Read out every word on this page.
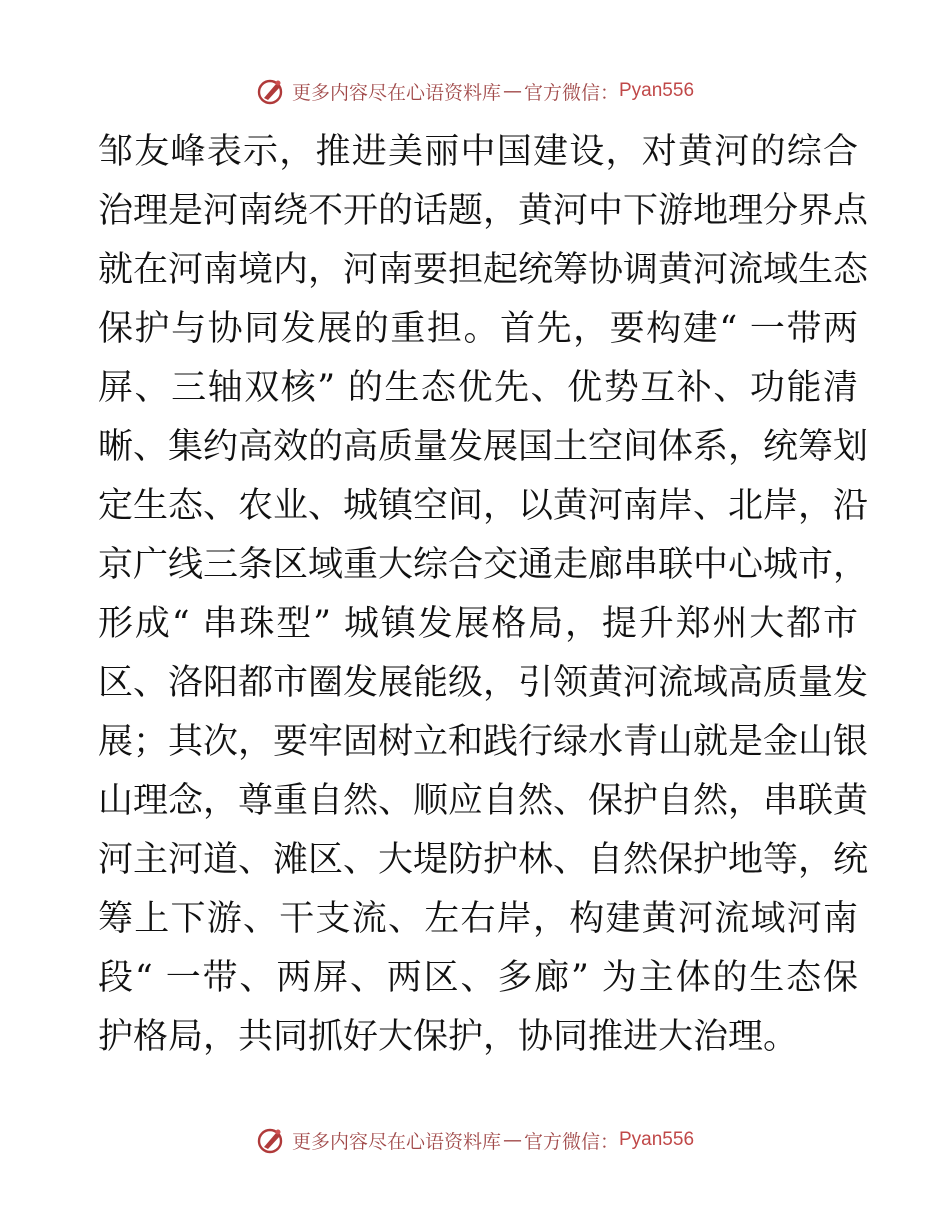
更多内容尽在心语资料库 — 官方微信： Pyan556
邹友峰表示，推进美丽中国建设，对黄河的综合
治理是河南绕不开的话题，黄河中下游地理分界点
就在河南境内，河南要担起统筹协调黄河流域生态
保护与协同发展的重担。首先，要构建“ 一带两
屏、三轴双核” 的生态优先、优势互补、功能清
晰、集约高效的高质量发展国土空间体系，统筹划
定生态、农业、城镇空间，以黄河南岸、北岸，沿
京广线三条区域重大综合交通走廊串联中心城市，
形成“ 串珠型” 城镇发展格局，提升郑州大都市
区、洛阳都市圈发展能级，引领黄河流域高质量发
展；其次，要牢固树立和践行绿水青山就是金山银
山理念，尊重自然、顺应自然、保护自然，串联黄
河主河道、滩区、大堤防护林、自然保护地等，统
筹上下游、干支流、左右岸，构建黄河流域河南
段“ 一带、两屏、两区、多廊” 为主体的生态保
护格局，共同抓好大保护，协同推进大治理。
更多内容尽在心语资料库 — 官方微信： Pyan556
